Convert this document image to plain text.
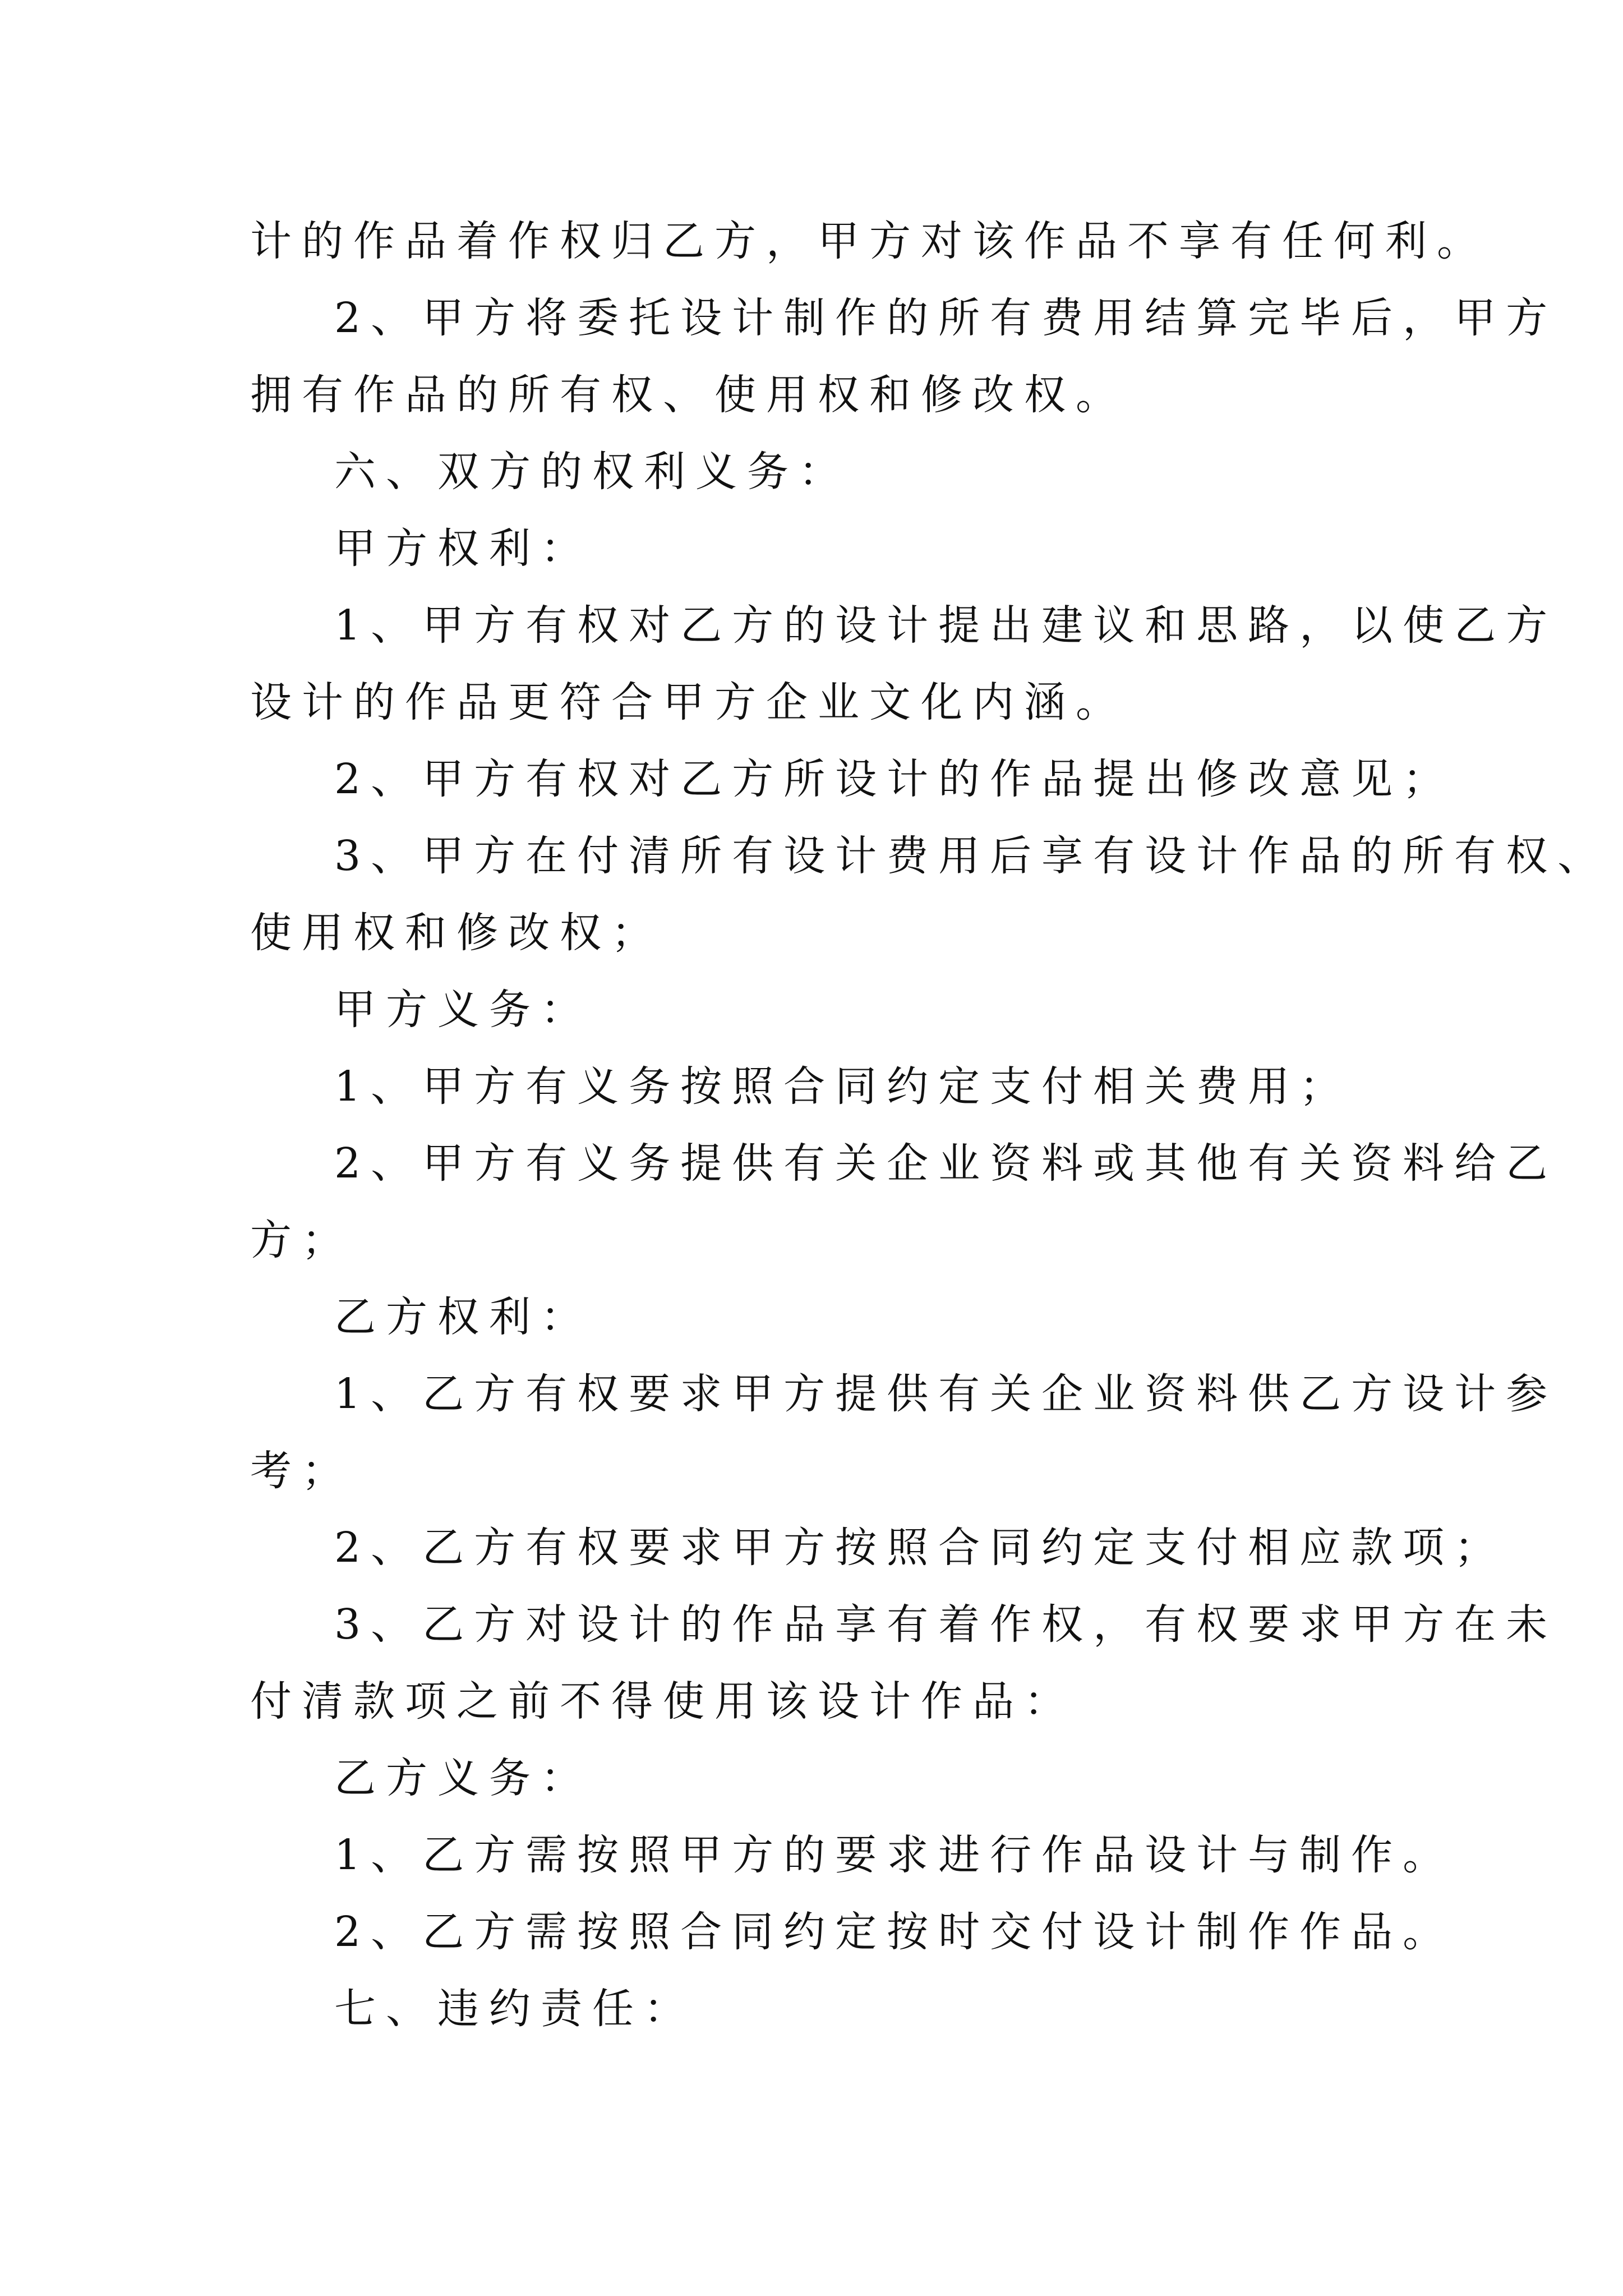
计的作品着作权归乙方，甲方对该作品不享有任何利。
2、甲方将委托设计制作的所有费用结算完毕后，甲方
拥有作品的所有权、使用权和修改权。
六、双方的权利义务：
甲方权利：
1、甲方有权对乙方的设计提出建议和思路，以使乙方
设计的作品更符合甲方企业文化内涵。
2、甲方有权对乙方所设计的作品提出修改意见；
3、甲方在付清所有设计费用后享有设计作品的所有权、
使用权和修改权；
甲方义务：
1、甲方有义务按照合同约定支付相关费用；
2、甲方有义务提供有关企业资料或其他有关资料给乙
方；
乙方权利：
1、乙方有权要求甲方提供有关企业资料供乙方设计参
考；
2、乙方有权要求甲方按照合同约定支付相应款项；
3、乙方对设计的作品享有着作权，有权要求甲方在未
付清款项之前不得使用该设计作品：
乙方义务：
1、乙方需按照甲方的要求进行作品设计与制作。
2、乙方需按照合同约定按时交付设计制作作品。
七、违约责任：
